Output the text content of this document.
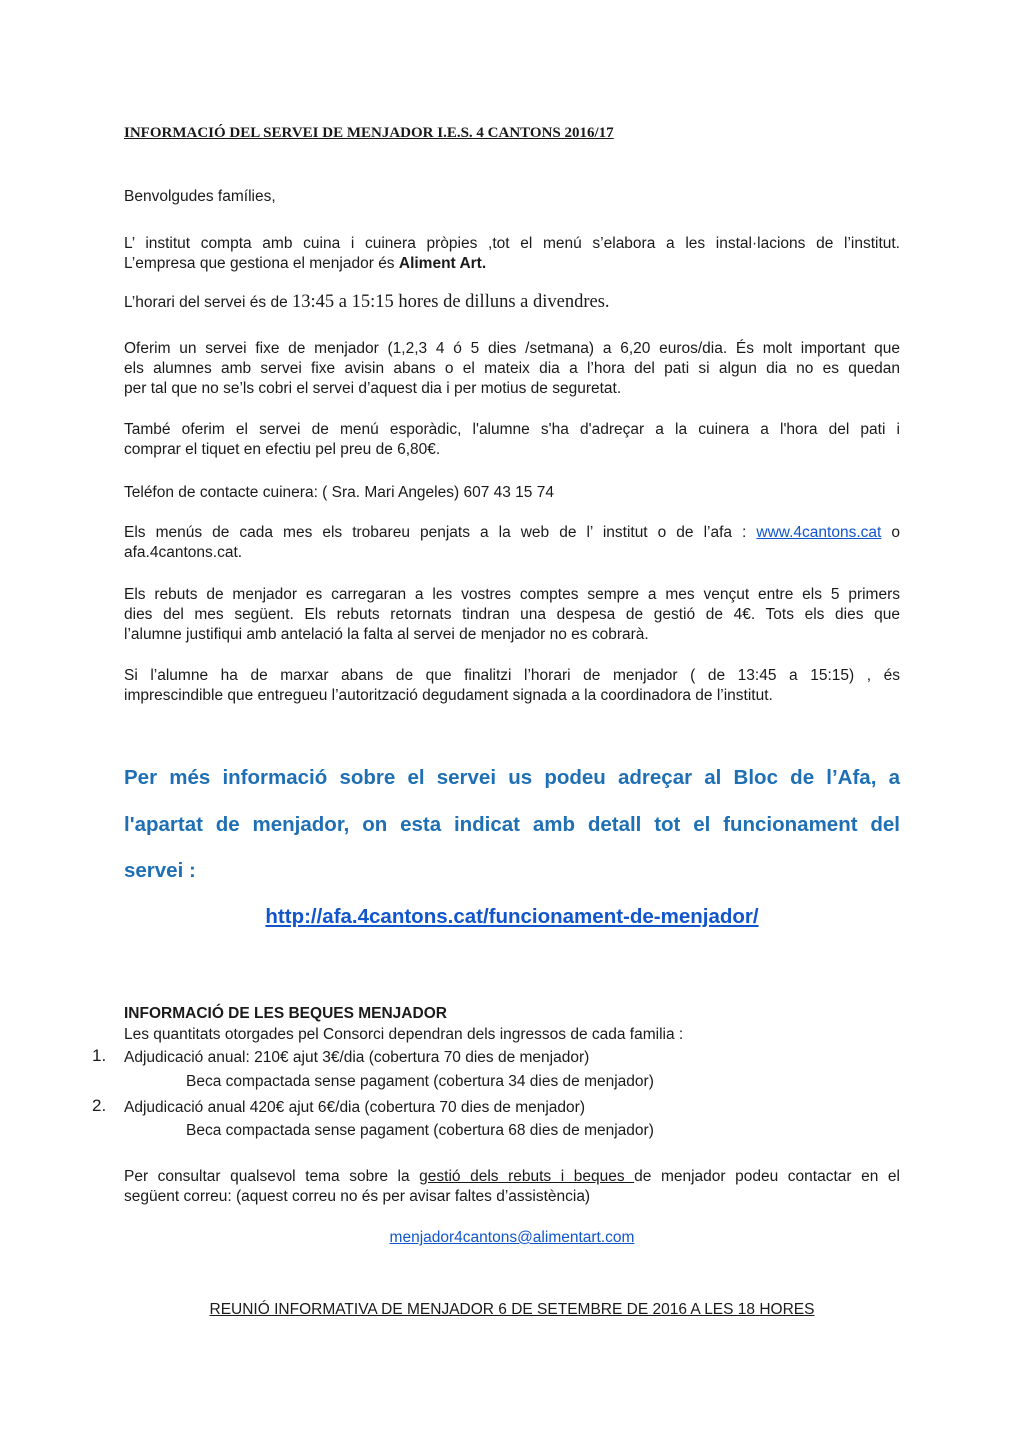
INFORMACIÓ DEL SERVEI DE MENJADOR I.E.S. 4 CANTONS 2016/17
Benvolgudes famílies,
L’ institut compta amb cuina i cuinera pròpies ,tot el menú s’elabora a les instal·lacions de l’institut.
L’empresa que gestiona el menjador és Aliment Art.
L’horari del servei és de 13:45 a 15:15 hores de dilluns a divendres.
Oferim un servei fixe de menjador (1,2,3 4 ó 5 dies /setmana) a 6,20 euros/dia. És molt important que
els alumnes amb servei fixe avisin abans o el mateix dia a l’hora del pati si algun dia no es quedan
per tal que no se’ls cobri el servei d’aquest dia i per motius de seguretat.
També oferim el servei de menú esporàdic, l'alumne s'ha d'adreçar a la cuinera a l'hora del pati i
comprar el tiquet en efectiu pel preu de 6,80€.
Teléfon de contacte cuinera: ( Sra. Mari Angeles) 607 43 15 74
Els menús de cada mes els trobareu penjats a la web de l’ institut o de l’afa : www.4cantons.cat o
afa.4cantons.cat.
Els rebuts de menjador es carregaran a les vostres comptes sempre a mes vençut entre els 5 primers
dies del mes següent. Els rebuts retornats tindran una despesa de gestió de 4€. Tots els dies que
l’alumne justifiqui amb antelació la falta al servei de menjador no es cobrarà.
Si l’alumne ha de marxar abans de que finalitzi l’horari de menjador ( de 13:45 a 15:15) , és
imprescindible que entregueu l’autorització degudament signada a la coordinadora de l’institut.
Per més informació sobre el servei us podeu adreçar al Bloc de l’Afa, a
l'apartat de menjador, on esta indicat amb detall tot el funcionament del
servei :
http://afa.4cantons.cat/funcionament-de-menjador/
INFORMACIÓ DE LES BEQUES MENJADOR
Les quantitats otorgades pel Consorci dependran dels ingressos de cada familia :
1. Adjudicació anual: 210€ ajut 3€/dia (cobertura 70 dies de menjador)
Beca compactada sense pagament (cobertura 34 dies de menjador)
2. Adjudicació anual 420€ ajut 6€/dia (cobertura 70 dies de menjador)
Beca compactada sense pagament (cobertura 68 dies de menjador)
Per consultar qualsevol tema sobre la gestió dels rebuts i beques de menjador podeu contactar en el
següent correu: (aquest correu no és per avisar faltes d’assistència)
menjador4cantons@alimentart.com
REUNIÓ INFORMATIVA DE MENJADOR 6 DE SETEMBRE DE 2016 A LES 18 HORES
